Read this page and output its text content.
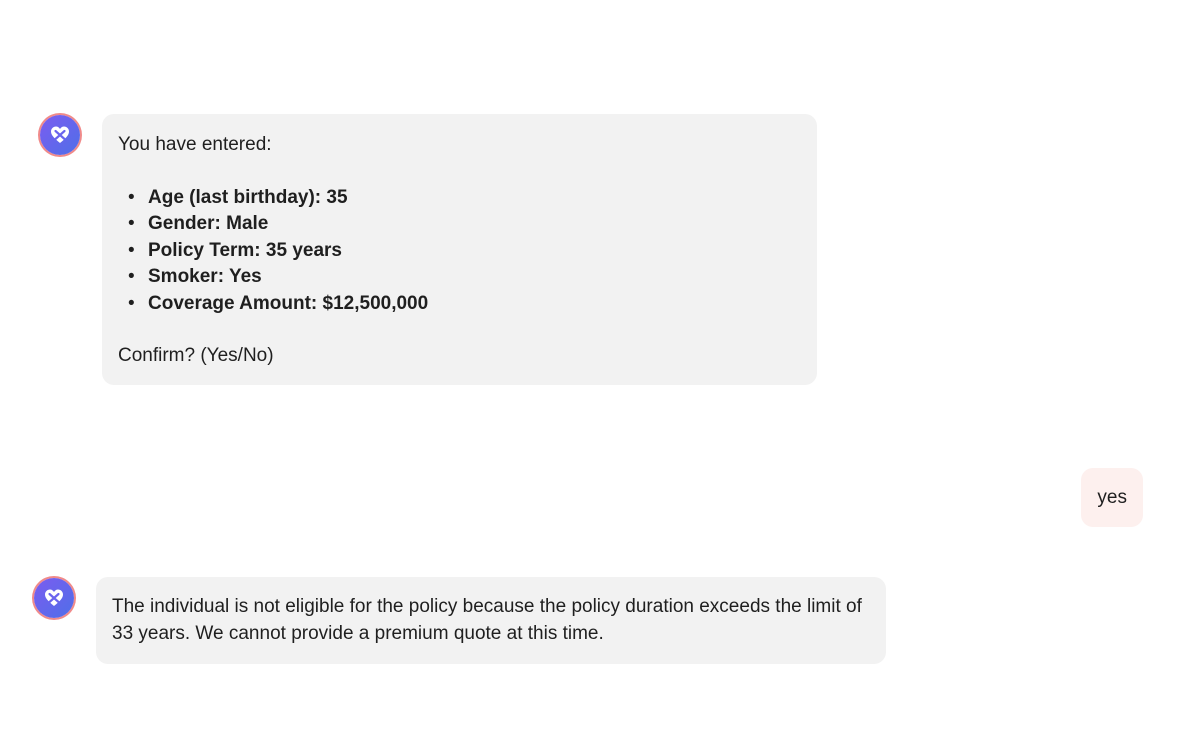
You have entered:

• Age (last birthday): 35
• Gender: Male
• Policy Term: 35 years
• Smoker: Yes
• Coverage Amount: $12,500,000

Confirm? (Yes/No)

yes
The individual is not eligible for the policy because the policy duration exceeds the limit of 33 years. We cannot provide a premium quote at this time.
